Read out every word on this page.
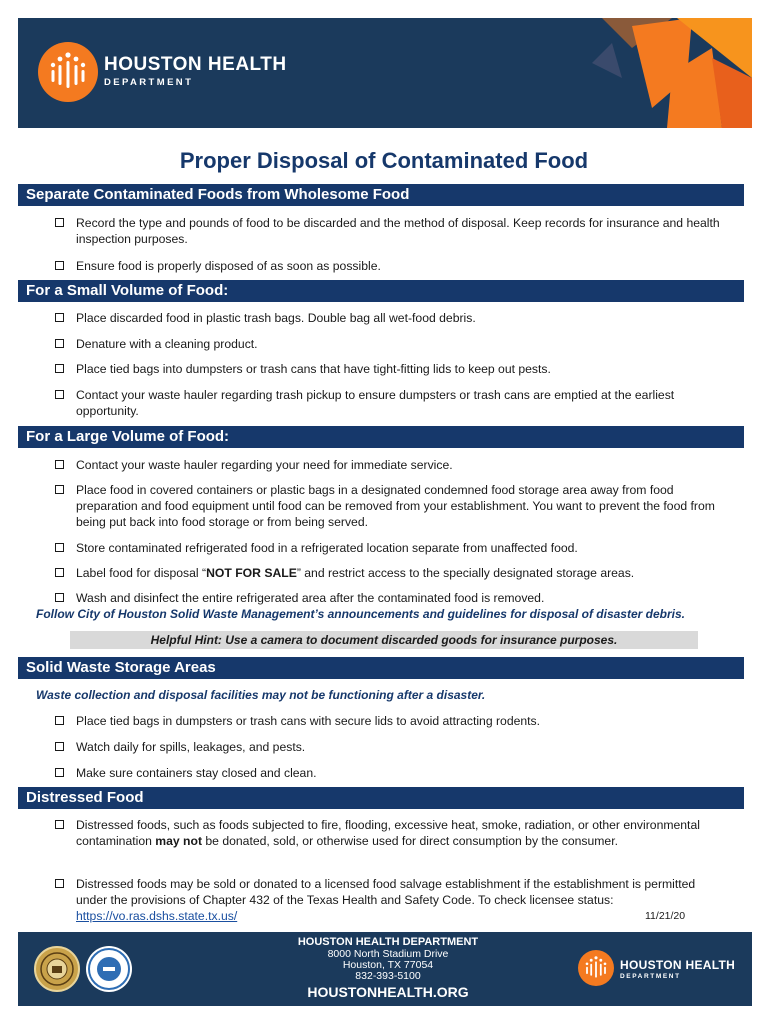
HOUSTON HEALTH
DEPARTMENT
Proper Disposal of Contaminated Food
Separate Contaminated Foods from Wholesome Food
Record the type and pounds of food to be discarded and the method of disposal. Keep records for insurance and health inspection purposes.
Ensure food is properly disposed of as soon as possible.
For a Small Volume of Food:
Place discarded food in plastic trash bags. Double bag all wet-food debris.
Denature with a cleaning product.
Place tied bags into dumpsters or trash cans that have tight-fitting lids to keep out pests.
Contact your waste hauler regarding trash pickup to ensure dumpsters or trash cans are emptied at the earliest opportunity.
For a Large Volume of Food:
Contact your waste hauler regarding your need for immediate service.
Place food in covered containers or plastic bags in a designated condemned food storage area away from food preparation and food equipment until food can be removed from your establishment. You want to prevent the food from being put back into food storage or from being served.
Store contaminated refrigerated food in a refrigerated location separate from unaffected food.
Label food for disposal “NOT FOR SALE” and restrict access to the specially designated storage areas.
Wash and disinfect the entire refrigerated area after the contaminated food is removed.
Follow City of Houston Solid Waste Management’s announcements and guidelines for disposal of disaster debris.
Helpful Hint: Use a camera to document discarded goods for insurance purposes.
Solid Waste Storage Areas
Waste collection and disposal facilities may not be functioning after a disaster.
Place tied bags in dumpsters or trash cans with secure lids to avoid attracting rodents.
Watch daily for spills, leakages, and pests.
Make sure containers stay closed and clean.
Distressed Food
Distressed foods, such as foods subjected to fire, flooding, excessive heat, smoke, radiation, or other environmental contamination may not be donated, sold, or otherwise used for direct consumption by the consumer.
Distressed foods may be sold or donated to a licensed food salvage establishment if the establishment is permitted under the provisions of Chapter 432 of the Texas Health and Safety Code. To check licensee status:
https://vo.ras.dshs.state.tx.us/	11/21/20
HOUSTON HEALTH DEPARTMENT
8000 North Stadium Drive
Houston, TX 77054
832-393-5100
HOUSTONHEALTH.ORG
HOUSTON HEALTH
DEPARTMENT
